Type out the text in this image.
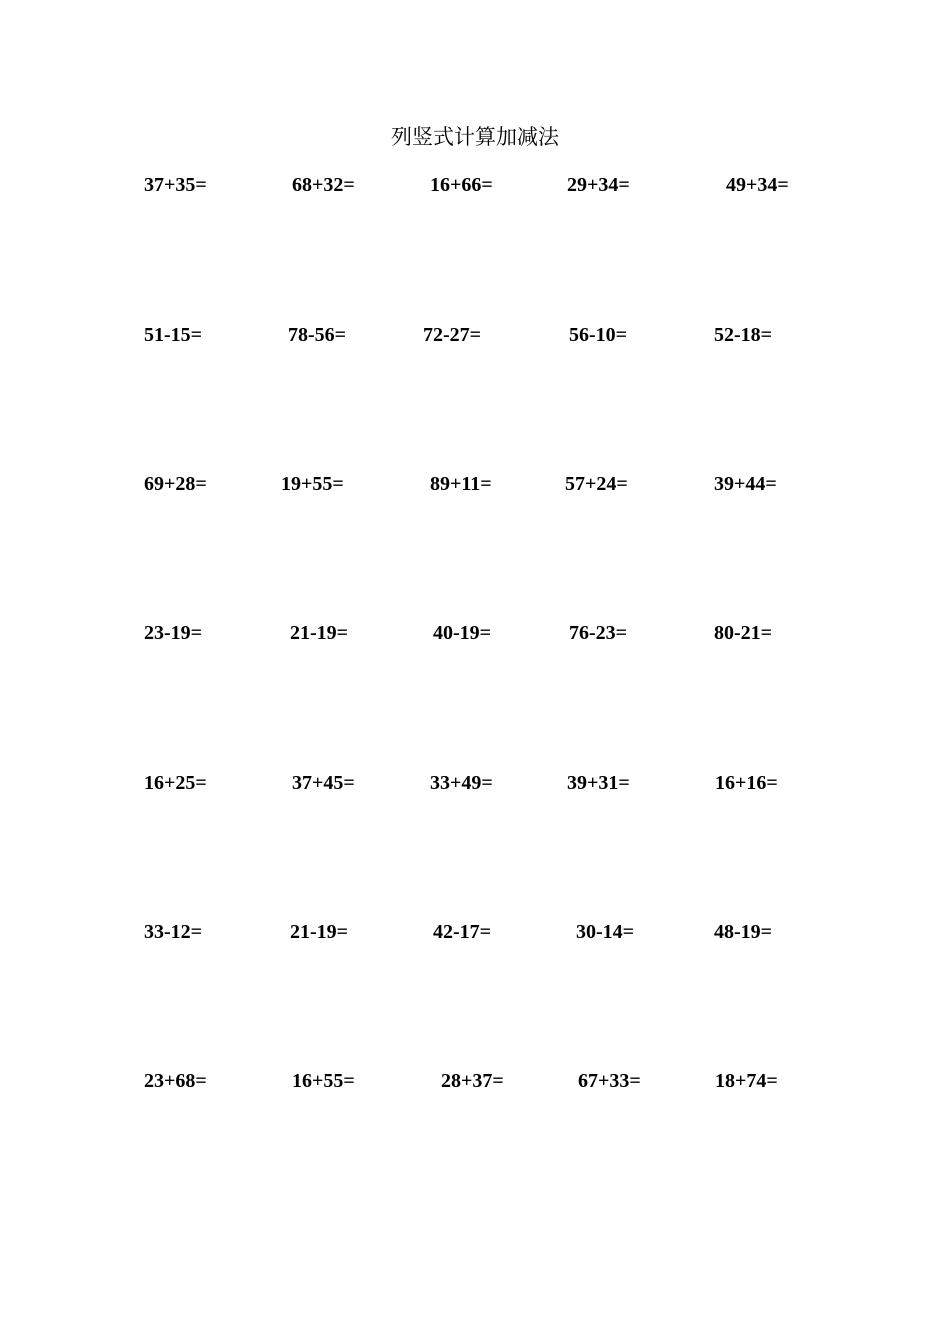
列竖式计算加减法
37+35=	68+32=	16+66=	29+34=	49+34=
51-15=	78-56=	72-27=	56-10=	52-18=
69+28=	19+55=	89+11=	57+24=	39+44=
23-19=	21-19=	40-19=	76-23=	80-21=
16+25=	37+45=	33+49=	39+31=	16+16=
33-12=	21-19=	42-17=	30-14=	48-19=
23+68=	16+55=	28+37=	67+33=	18+74=
